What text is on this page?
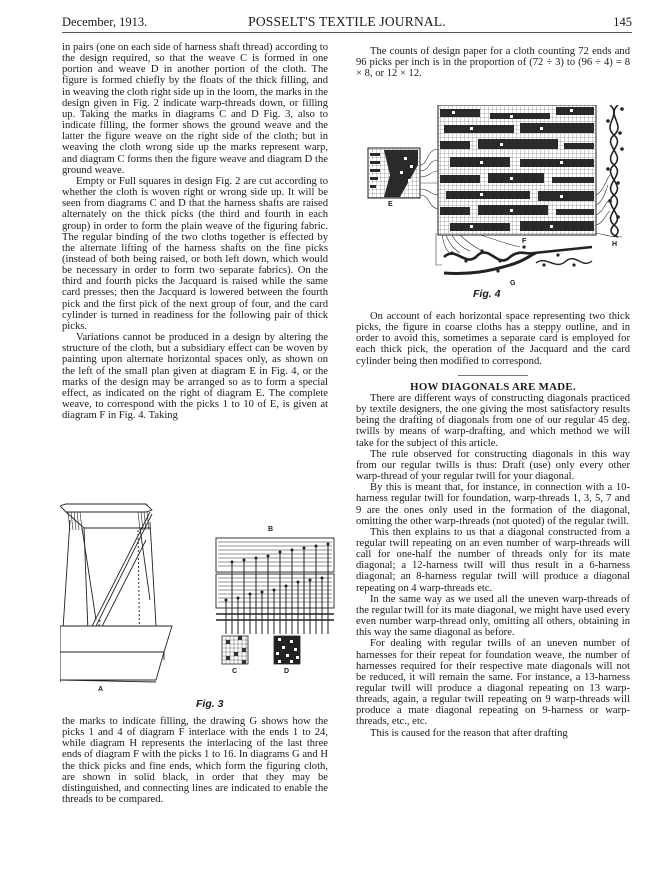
December, 1913.	POSSELT'S TEXTILE JOURNAL.	145

in pairs (one on each side of harness shaft thread) according to the design required, so that the weave C is formed in one portion and weave D in another portion of the cloth. The figure is formed chiefly by the floats of the thick filling, and in weaving the cloth right side up in the loom, the marks in the design given in Fig. 2 indicate warp-threads down, or filling up. Taking the marks in diagrams C and D Fig. 3, also to indicate filling, the former shows the ground weave and the latter the figure weave on the right side of the cloth; but in weaving the cloth wrong side up the marks represent warp, and diagram C forms then the figure weave and diagram D the ground weave.

Empty or Full squares in design Fig. 2 are cut according to whether the cloth is woven right or wrong side up. It will be seen from diagrams C and D that the harness shafts are raised alternately on the thick picks (the third and fourth in each group) in order to form the plain weave of the figuring fabric. The regular binding of the two cloths together is effected by the alternate lifting of the harness shafts on the fine picks (instead of both being raised, or both left down, which would be necessary in order to form two separate fabrics). On the third and fourth picks the Jacquard is raised while the same card presses; then the Jacquard is lowered between the fourth pick and the first pick of the next group of four, and the card cylinder is turned in readiness for the following pair of thick picks.

Variations cannot be produced in a design by altering the structure of the cloth, but a subsidiary effect can be woven by painting upon alternate horizontal spaces only, as shown on the left of the small plan given at diagram E in Fig. 4, or the marks of the design may be arranged so as to form a special effect, as indicated on the right of diagram E. The complete weave, to correspond with the picks 1 to 10 of E, is given at diagram F in Fig. 4. Taking

A
B
C	D
Fig. 3

the marks to indicate filling, the drawing G shows how the picks 1 and 4 of diagram F interlace with the ends 1 to 24, while diagram H represents the interlacing of the last three ends of diagram F with the picks 1 to 16. In diagrams G and H the thick picks and fine ends, which form the figuring cloth, are shown in solid black, in order that they may be distinguished, and connecting lines are indicated to enable the threads to be compared.

The counts of design paper for a cloth counting 72 ends and 96 picks per inch is in the proportion of (72 ÷ 3) to (96 ÷ 4) = 8 × 8, or 12 × 12.

E
F	H
G
Fig. 4

On account of each horizontal space representing two thick picks, the figure in coarse cloths has a steppy outline, and in order to avoid this, sometimes a separate card is employed for each thick pick, the operation of the Jacquard and the card cylinder being then modified to correspond.

HOW DIAGONALS ARE MADE.

There are different ways of constructing diagonals practiced by textile designers, the one giving the most satisfactory results being the drafting of diagonals from one of our regular 45 deg. twills by means of warp-drafting, and which method we will take for the subject of this article.

The rule observed for constructing diagonals in this way from our regular twills is thus: Draft (use) only every other warp-thread of your regular twill for your diagonal.

By this is meant that, for instance, in connection with a 10-harness regular twill for foundation, warp-threads 1, 3, 5, 7 and 9 are the ones only used in the formation of the diagonal, omitting the other warp-threads (not quoted) of the regular twill.

This then explains to us that a diagonal constructed from a regular twill repeating on an even number of warp-threads will call for one-half the number of threads only for its mate diagonal; a 12-harness twill will thus result in a 6-harness diagonal; an 8-harness regular twill will produce a diagonal repeating on 4 warp-threads etc.

In the same way as we used all the uneven warp-threads of the regular twill for its mate diagonal, we might have used every even number warp-thread only, omitting all others, obtaining in this way the same diagonal as before.

For dealing with regular twills of an uneven number of harnesses for their repeat for foundation weave, the number of harnesses required for their respective mate diagonals will not be reduced, it will remain the same. For instance, a 13-harness regular twill will produce a diagonal repeating on 13 warp-threads, again, a regular twill repeating on 9 warp-threads will produce a mate diagonal repeating on 9-harness or warp-threads, etc., etc.

This is caused for the reason that after drafting
